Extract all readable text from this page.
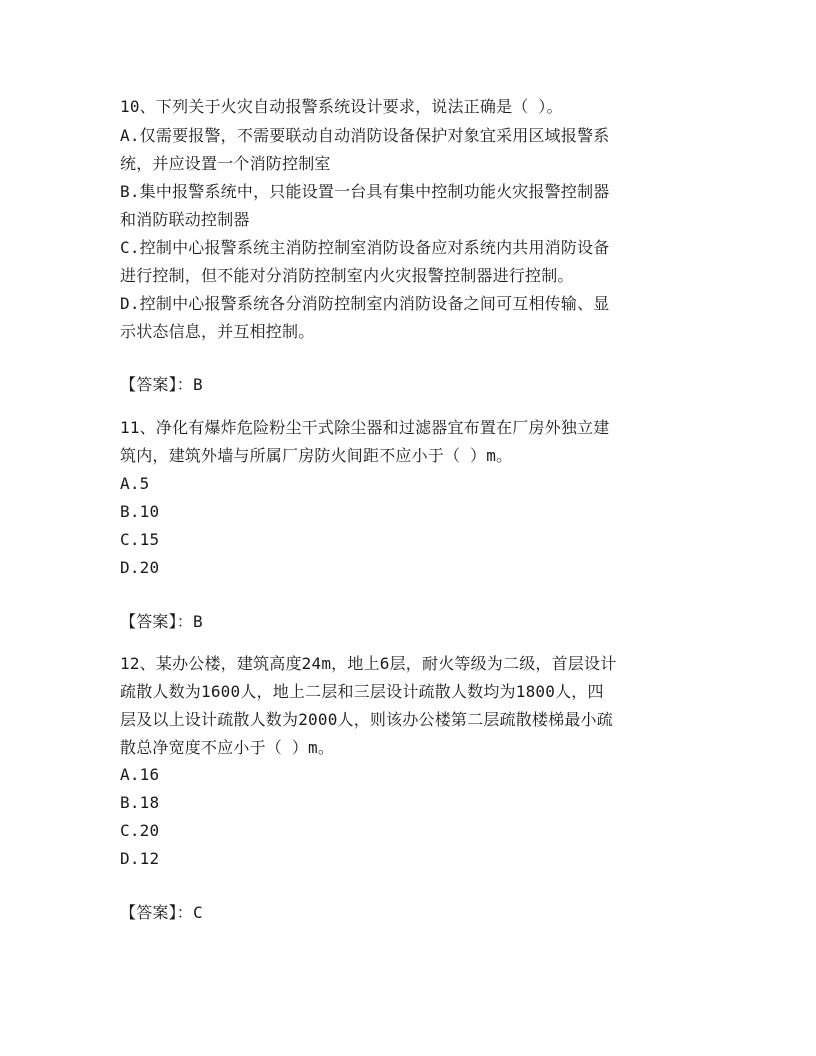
10、下列关于火灾自动报警系统设计要求，说法正确是（ ）。
A.仅需要报警，不需要联动自动消防设备保护对象宜采用区域报警系
统，并应设置一个消防控制室
B.集中报警系统中，只能设置一台具有集中控制功能火灾报警控制器
和消防联动控制器
C.控制中心报警系统主消防控制室消防设备应对系统内共用消防设备
进行控制，但不能对分消防控制室内火灾报警控制器进行控制。
D.控制中心报警系统各分消防控制室内消防设备之间可互相传输、显
示状态信息，并互相控制。
【答案】：B
11、净化有爆炸危险粉尘干式除尘器和过滤器宜布置在厂房外独立建
筑内，建筑外墙与所属厂房防火间距不应小于（ ）m。
A.5
B.10
C.15
D.20
【答案】：B
12、某办公楼，建筑高度24m，地上6层，耐火等级为二级，首层设计
疏散人数为1600人，地上二层和三层设计疏散人数均为1800人，四
层及以上设计疏散人数为2000人，则该办公楼第二层疏散楼梯最小疏
散总净宽度不应小于（ ）m。
A.16
B.18
C.20
D.12
【答案】：C
